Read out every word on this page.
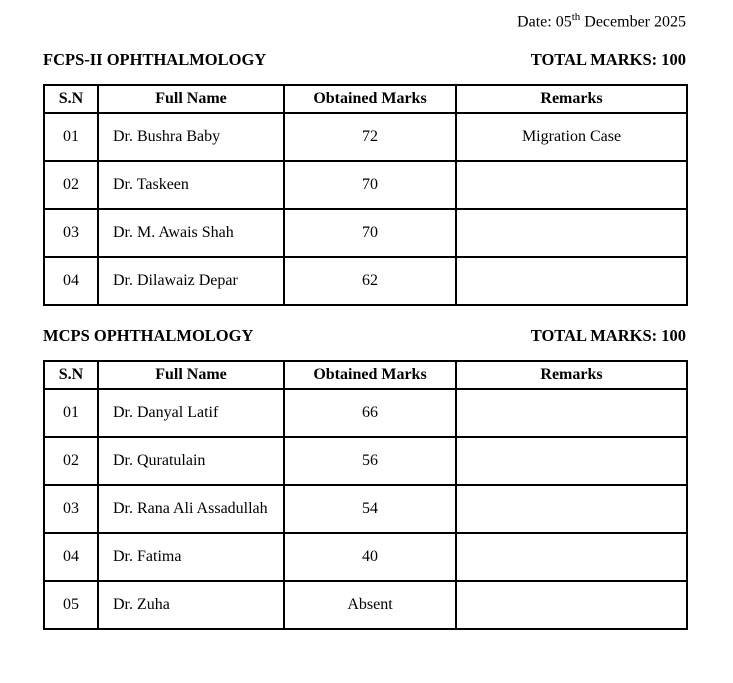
Date: 05th December 2025
FCPS-II OPHTHALMOLOGY	TOTAL MARKS: 100
S.N	Full Name	Obtained Marks	Remarks
01	Dr. Bushra Baby	72	Migration Case
02	Dr. Taskeen	70	
03	Dr. M. Awais Shah	70	
04	Dr. Dilawaiz Depar	62	
MCPS OPHTHALMOLOGY	TOTAL MARKS: 100
S.N	Full Name	Obtained Marks	Remarks
01	Dr. Danyal Latif	66	
02	Dr. Quratulain	56	
03	Dr. Rana Ali Assadullah	54	
04	Dr. Fatima	40	
05	Dr. Zuha	Absent	
